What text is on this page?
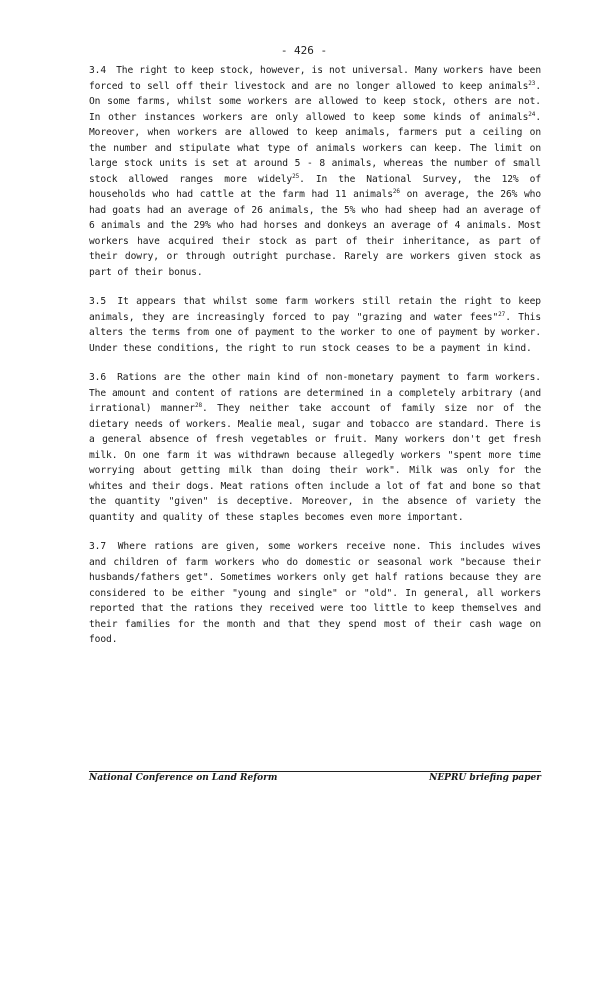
- 426 -

3.4 The right to keep stock, however, is not universal. Many workers have been forced to sell off their livestock and are no longer allowed to keep animals$^{23}$. On some farms, whilst some workers are allowed to keep stock, others are not. In other instances workers are only allowed to keep some kinds of animals$^{24}$. Moreover, when workers are allowed to keep animals, farmers put a ceiling on the number and stipulate what type of animals workers can keep. The limit on large stock units is set at around 5 - 8 animals, whereas the number of small stock allowed ranges more widely$^{25}$. In the National Survey, the 12% of households who had cattle at the farm had 11 animals$^{26}$ on average, the 26% who had goats had an average of 26 animals, the 5% who had sheep had an average of 6 animals and the 29% who had horses and donkeys an average of 4 animals. Most workers have acquired their stock as part of their inheritance, as part of their dowry, or through outright purchase. Rarely are workers given stock as part of their bonus.

3.5 It appears that whilst some farm workers still retain the right to keep animals, they are increasingly forced to pay "grazing and water fees"$^{27}$. This alters the terms from one of payment to the worker to one of payment by worker. Under these conditions, the right to run stock ceases to be a payment in kind.

3.6 Rations are the other main kind of non-monetary payment to farm workers. The amount and content of rations are determined in a completely arbitrary (and irrational) manner$^{28}$. They neither take account of family size nor of the dietary needs of workers. Mealie meal, sugar and tobacco are standard. There is a general absence of fresh vegetables or fruit. Many workers don't get fresh milk. On one farm it was withdrawn because allegedly workers "spent more time worrying about getting milk than doing their work". Milk was only for the whites and their dogs. Meat rations often include a lot of fat and bone so that the quantity "given" is deceptive. Moreover, in the absence of variety the quantity and quality of these staples becomes even more important.

3.7 Where rations are given, some workers receive none. This includes wives and children of farm workers who do domestic or seasonal work "because their husbands/fathers get". Sometimes workers only get half rations because they are considered to be either "young and single" or "old". In general, all workers reported that the rations they received were too little to keep themselves and their families for the month and that they spend most of their cash wage on food.

National Conference on Land Reform	NEPRU briefing paper
